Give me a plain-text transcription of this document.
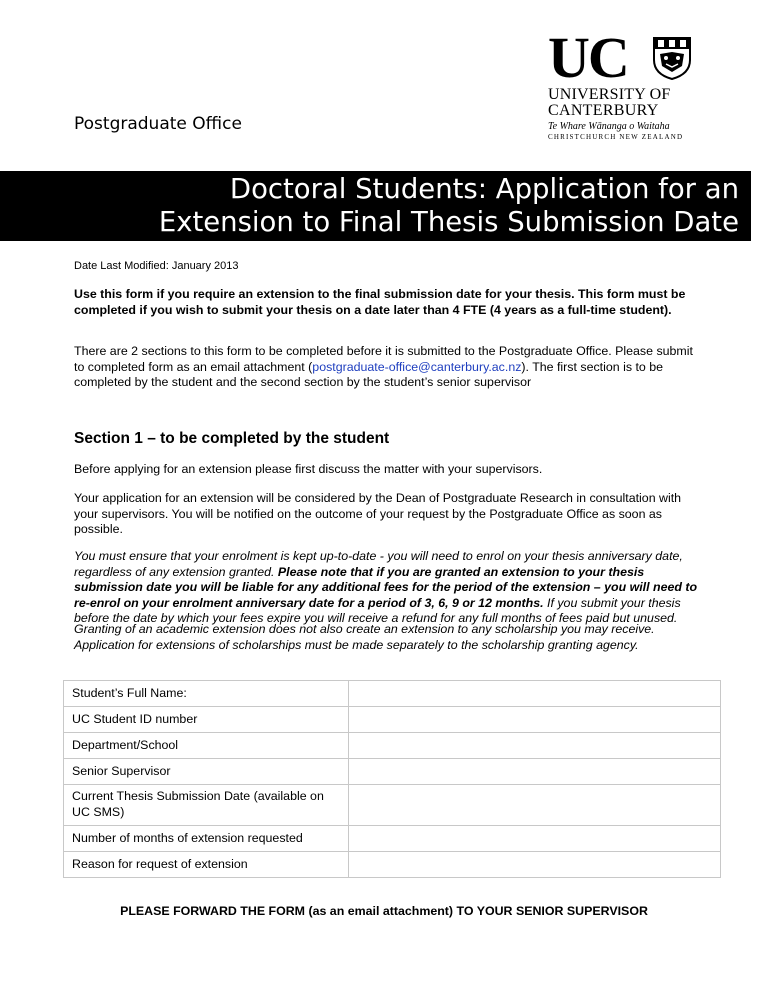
Postgraduate Office
UC
UNIVERSITY OF
CANTERBURY
Te Whare Wānanga o Waitaha
CHRISTCHURCH NEW ZEALAND
Doctoral Students: Application for an
Extension to Final Thesis Submission Date
Date Last Modified: January 2013
Use this form if you require an extension to the final submission date for your thesis. This form must be completed if you wish to submit your thesis on a date later than 4 FTE (4 years as a full-time student).
There are 2 sections to this form to be completed before it is submitted to the Postgraduate Office. Please submit to completed form as an email attachment (postgraduate-office@canterbury.ac.nz). The first section is to be completed by the student and the second section by the student’s senior supervisor
Section 1 – to be completed by the student
Before applying for an extension please first discuss the matter with your supervisors.
Your application for an extension will be considered by the Dean of Postgraduate Research in consultation with your supervisors. You will be notified on the outcome of your request by the Postgraduate Office as soon as possible.
You must ensure that your enrolment is kept up-to-date - you will need to enrol on your thesis anniversary date, regardless of any extension granted. Please note that if you are granted an extension to your thesis submission date you will be liable for any additional fees for the period of the extension – you will need to re-enrol on your enrolment anniversary date for a period of 3, 6, 9 or 12 months. If you submit your thesis before the date by which your fees expire you will receive a refund for any full months of fees paid but unused.
Granting of an academic extension does not also create an extension to any scholarship you may receive. Application for extensions of scholarships must be made separately to the scholarship granting agency.
Student’s Full Name:	
UC Student ID number	
Department/School	
Senior Supervisor	
Current Thesis Submission Date (available on UC SMS)	
Number of months of extension requested	
Reason for request of extension	
PLEASE FORWARD THE FORM (as an email attachment) TO YOUR SENIOR SUPERVISOR
